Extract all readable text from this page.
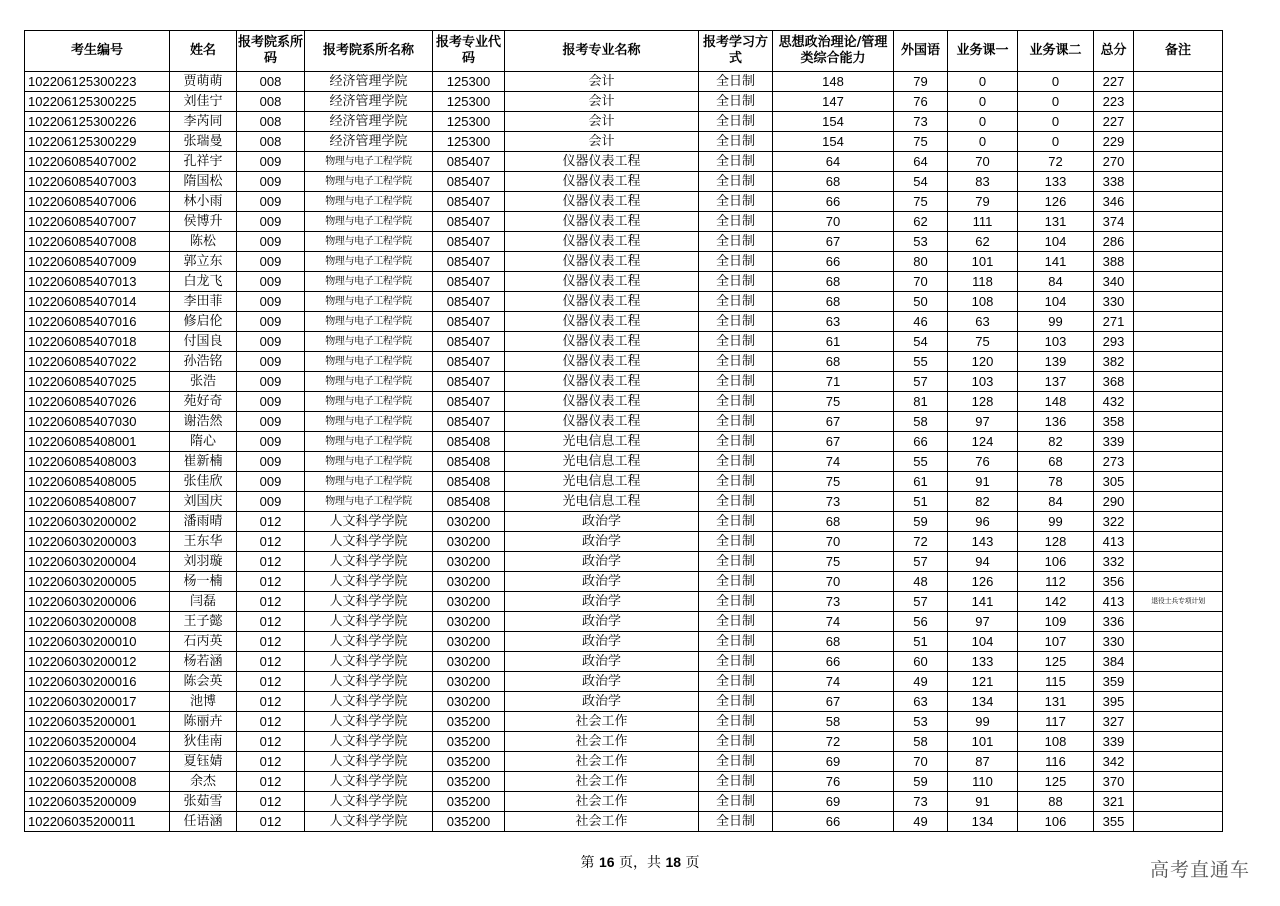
考生编号	姓名	报考院系所码	报考院系所名称	报考专业代码	报考专业名称	报考学习方式	思想政治理论/管理类综合能力	外国语	业务课一	业务课二	总分	备注
102206125300223	贾萌萌	008	经济管理学院	125300	会计	全日制	148	79	0	0	227	
102206125300225	刘佳宁	008	经济管理学院	125300	会计	全日制	147	76	0	0	223	
102206125300226	李芮同	008	经济管理学院	125300	会计	全日制	154	73	0	0	227	
102206125300229	张瑞曼	008	经济管理学院	125300	会计	全日制	154	75	0	0	229	
102206085407002	孔祥宇	009	物理与电子工程学院	085407	仪器仪表工程	全日制	64	64	70	72	270	
102206085407003	隋国松	009	物理与电子工程学院	085407	仪器仪表工程	全日制	68	54	83	133	338	
102206085407006	林小雨	009	物理与电子工程学院	085407	仪器仪表工程	全日制	66	75	79	126	346	
102206085407007	侯博升	009	物理与电子工程学院	085407	仪器仪表工程	全日制	70	62	111	131	374	
102206085407008	陈松	009	物理与电子工程学院	085407	仪器仪表工程	全日制	67	53	62	104	286	
102206085407009	郭立东	009	物理与电子工程学院	085407	仪器仪表工程	全日制	66	80	101	141	388	
102206085407013	白龙飞	009	物理与电子工程学院	085407	仪器仪表工程	全日制	68	70	118	84	340	
102206085407014	李田菲	009	物理与电子工程学院	085407	仪器仪表工程	全日制	68	50	108	104	330	
102206085407016	修启伦	009	物理与电子工程学院	085407	仪器仪表工程	全日制	63	46	63	99	271	
102206085407018	付国良	009	物理与电子工程学院	085407	仪器仪表工程	全日制	61	54	75	103	293	
102206085407022	孙浩铭	009	物理与电子工程学院	085407	仪器仪表工程	全日制	68	55	120	139	382	
102206085407025	张浩	009	物理与电子工程学院	085407	仪器仪表工程	全日制	71	57	103	137	368	
102206085407026	苑好奇	009	物理与电子工程学院	085407	仪器仪表工程	全日制	75	81	128	148	432	
102206085407030	谢浩然	009	物理与电子工程学院	085407	仪器仪表工程	全日制	67	58	97	136	358	
102206085408001	隋心	009	物理与电子工程学院	085408	光电信息工程	全日制	67	66	124	82	339	
102206085408003	崔新楠	009	物理与电子工程学院	085408	光电信息工程	全日制	74	55	76	68	273	
102206085408005	张佳欣	009	物理与电子工程学院	085408	光电信息工程	全日制	75	61	91	78	305	
102206085408007	刘国庆	009	物理与电子工程学院	085408	光电信息工程	全日制	73	51	82	84	290	
102206030200002	潘雨晴	012	人文科学学院	030200	政治学	全日制	68	59	96	99	322	
102206030200003	王东华	012	人文科学学院	030200	政治学	全日制	70	72	143	128	413	
102206030200004	刘羽璇	012	人文科学学院	030200	政治学	全日制	75	57	94	106	332	
102206030200005	杨一楠	012	人文科学学院	030200	政治学	全日制	70	48	126	112	356	
102206030200006	闫磊	012	人文科学学院	030200	政治学	全日制	73	57	141	142	413	退役士兵专项计划
102206030200008	王子懿	012	人文科学学院	030200	政治学	全日制	74	56	97	109	336	
102206030200010	石丙英	012	人文科学学院	030200	政治学	全日制	68	51	104	107	330	
102206030200012	杨若涵	012	人文科学学院	030200	政治学	全日制	66	60	133	125	384	
102206030200016	陈会英	012	人文科学学院	030200	政治学	全日制	74	49	121	115	359	
102206030200017	池博	012	人文科学学院	030200	政治学	全日制	67	63	134	131	395	
102206035200001	陈丽卉	012	人文科学学院	035200	社会工作	全日制	58	53	99	117	327	
102206035200004	狄佳南	012	人文科学学院	035200	社会工作	全日制	72	58	101	108	339	
102206035200007	夏钰婧	012	人文科学学院	035200	社会工作	全日制	69	70	87	116	342	
102206035200008	余杰	012	人文科学学院	035200	社会工作	全日制	76	59	110	125	370	
102206035200009	张茹雪	012	人文科学学院	035200	社会工作	全日制	69	73	91	88	321	
102206035200011	任语涵	012	人文科学学院	035200	社会工作	全日制	66	49	134	106	355	
第 16 页，共 18 页	高考直通车
